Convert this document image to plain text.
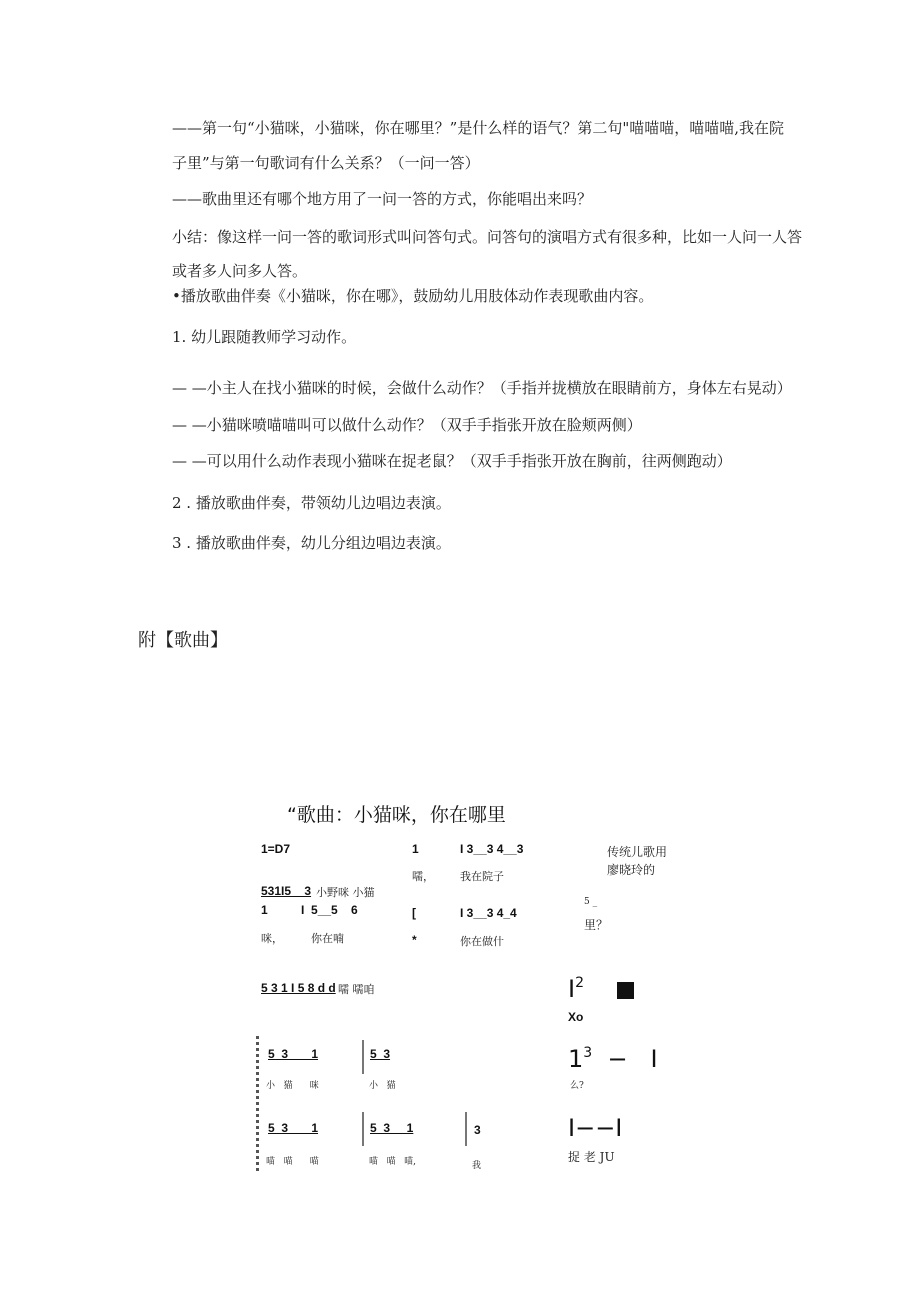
——第一句“小猫咪，小猫咪，你在哪里？”是什么样的语气？第二句"喵喵喵，喵喵喵,我在院
子里”与第一句歌词有什么关系？（一问一答）
——歌曲里还有哪个地方用了一问一答的方式，你能唱出来吗？
小结：像这样一问一答的歌词形式叫问答句式。问答句的演唱方式有很多种，比如一人问一人答
或者多人问多人答。
•播放歌曲伴奏《小猫咪，你在哪》，鼓励幼儿用肢体动作表现歌曲内容。
1. 幼儿跟随教师学习动作。
— —小主人在找小猫咪的时候，会做什么动作？（手指并拢横放在眼睛前方，身体左右晃动）
— —小猫咪喷喵喵叫可以做什么动作？（双手手指张开放在脸颊两侧）
— —可以用什么动作表现小猫咪在捉老鼠？（双手手指张开放在胸前，往两侧跑动）
2 . 播放歌曲伴奏，带领幼儿边唱边表演。
3 . 播放歌曲伴奏，幼儿分组边唱边表演。
附【歌曲】
“歌曲：小猫咪，你在哪里
1=D7	1	I 3__3 4__3
嚅， 我在院子
传统儿歌用
廖晓玲的
531I5__3 小野咪 小猫
1          I  5__5    6
咪，        你在喃
[	I 3__3 4_4
*	你在做什
5 _
里？
5 3 1 I 5 8 d d 嚅 嚅咱	$I^2$
Xo
$1^3 - I$
么?
I−−I
捉 老 JU
5  3       1	5  3
小   猫      咪	小   猫
5  3       1	5  3     1	3
喵   喵      喵	喵   喵   喵,	我
